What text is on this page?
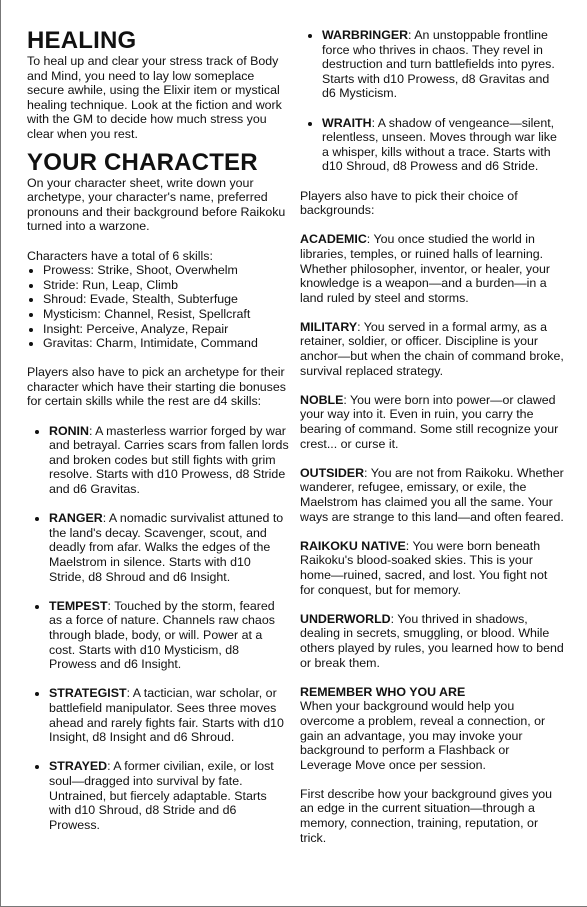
HEALING

To heal up and clear your stress track of Body and Mind, you need to lay low someplace secure awhile, using the Elixir item or mystical healing technique. Look at the fiction and work with the GM to decide how much stress you clear when you rest.

YOUR CHARACTER

On your character sheet, write down your archetype, your character's name, preferred pronouns and their background before Raikoku turned into a warzone.

Characters have a total of 6 skills:

• Prowess: Strike, Shoot, Overwhelm
• Stride: Run, Leap, Climb
• Shroud: Evade, Stealth, Subterfuge
• Mysticism: Channel, Resist, Spellcraft
• Insight: Perceive, Analyze, Repair
• Gravitas: Charm, Intimidate, Command

Players also have to pick an archetype for their character which have their starting die bonuses for certain skills while the rest are d4 skills:

• RONIN: A masterless warrior forged by war and betrayal. Carries scars from fallen lords and broken codes but still fights with grim resolve. Starts with d10 Prowess, d8 Stride and d6 Gravitas.
• RANGER: A nomadic survivalist attuned to the land's decay. Scavenger, scout, and deadly from afar. Walks the edges of the Maelstrom in silence. Starts with d10 Stride, d8 Shroud and d6 Insight.
• TEMPEST: Touched by the storm, feared as a force of nature. Channels raw chaos through blade, body, or will. Power at a cost. Starts with d10 Mysticism, d8 Prowess and d6 Insight.
• STRATEGIST: A tactician, war scholar, or battlefield manipulator. Sees three moves ahead and rarely fights fair. Starts with d10 Insight, d8 Insight and d6 Shroud.
• STRAYED: A former civilian, exile, or lost soul—dragged into survival by fate. Untrained, but fiercely adaptable. Starts with d10 Shroud, d8 Stride and d6 Prowess.
• WARBRINGER: An unstoppable frontline force who thrives in chaos. They revel in destruction and turn battlefields into pyres. Starts with d10 Prowess, d8 Gravitas and d6 Mysticism.
• WRAITH: A shadow of vengeance—silent, relentless, unseen. Moves through war like a whisper, kills without a trace. Starts with d10 Shroud, d8 Prowess and d6 Stride.

Players also have to pick their choice of backgrounds:

ACADEMIC: You once studied the world in libraries, temples, or ruined halls of learning. Whether philosopher, inventor, or healer, your knowledge is a weapon—and a burden—in a land ruled by steel and storms.

MILITARY: You served in a formal army, as a retainer, soldier, or officer. Discipline is your anchor—but when the chain of command broke, survival replaced strategy.

NOBLE: You were born into power—or clawed your way into it. Even in ruin, you carry the bearing of command. Some still recognize your crest... or curse it.

OUTSIDER: You are not from Raikoku. Whether wanderer, refugee, emissary, or exile, the Maelstrom has claimed you all the same. Your ways are strange to this land—and often feared.

RAIKOKU NATIVE: You were born beneath Raikoku's blood-soaked skies. This is your home—ruined, sacred, and lost. You fight not for conquest, but for memory.

UNDERWORLD: You thrived in shadows, dealing in secrets, smuggling, or blood. While others played by rules, you learned how to bend or break them.

REMEMBER WHO YOU ARE

When your background would help you overcome a problem, reveal a connection, or gain an advantage, you may invoke your background to perform a Flashback or Leverage Move once per session.

First describe how your background gives you an edge in the current situation—through a memory, connection, training, reputation, or trick.
